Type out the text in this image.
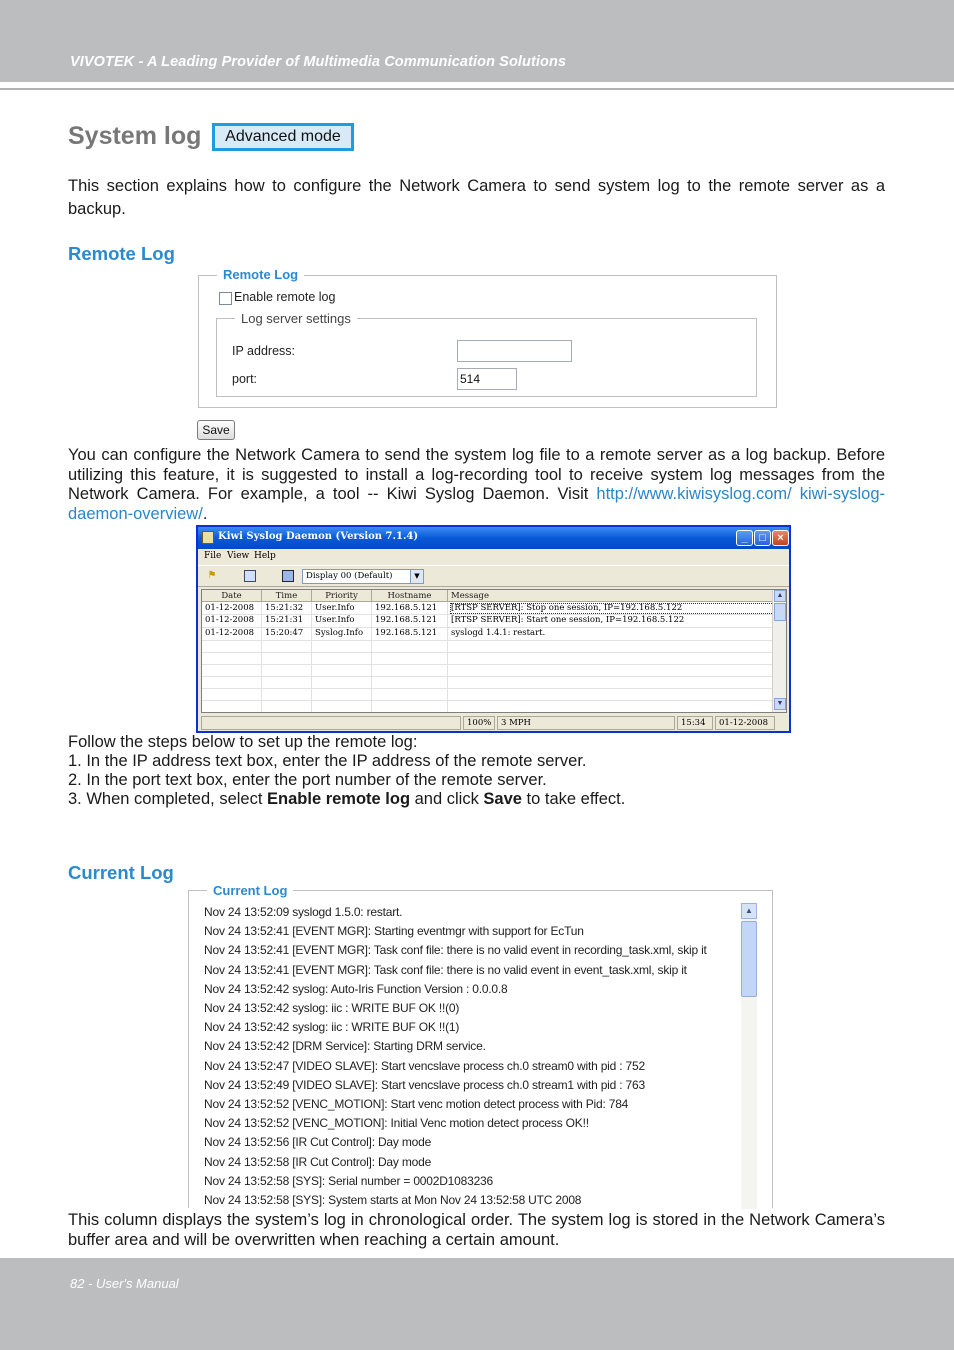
VIVOTEK - A Leading Provider of Multimedia Communication Solutions
System log	Advanced mode
This section explains how to configure the Network Camera to send system log to the remote server as a backup.
Remote Log
Remote Log
Enable remote log
Log server settings
IP address:
port:	514
Save
You can configure the Network Camera to send the system log file to a remote server as a log backup. Before utilizing this feature, it is suggested to install a log-recording tool to receive system log messages from the Network Camera. For example, a tool -- Kiwi Syslog Daemon. Visit http://www.kiwisyslog.com/ kiwi-syslog-daemon-overview/.
Kiwi Syslog Daemon (Version 7.1.4)	_	□	×
File View Help
⚑	Display 00 (Default)	▼
Date	Time	Priority	Hostname	Message
01-12-2008 15:21:32 User.Info 192.168.5.121 [RTSP SERVER]: Stop one session, IP=192.168.5.122
01-12-2008 15:21:31 User.Info 192.168.5.121 [RTSP SERVER]: Start one session, IP=192.168.5.122
01-12-2008 15:20:47 Syslog.Info 192.168.5.121 syslogd 1.4.1: restart.
▲
▼
100%	3 MPH	15:34	01-12-2008
Follow the steps below to set up the remote log:
1. In the IP address text box, enter the IP address of the remote server.
2. In the port text box, enter the port number of the remote server.
3. When completed, select Enable remote log and click Save to take effect.
Current Log
Current Log
Nov 24 13:52:09 syslogd 1.5.0: restart.
Nov 24 13:52:41 [EVENT MGR]: Starting eventmgr with support for EcTun
Nov 24 13:52:41 [EVENT MGR]: Task conf file: there is no valid event in recording_task.xml, skip it
Nov 24 13:52:41 [EVENT MGR]: Task conf file: there is no valid event in event_task.xml, skip it
Nov 24 13:52:42 syslog: Auto-Iris Function Version : 0.0.0.8
Nov 24 13:52:42 syslog: iic : WRITE BUF OK !!(0)
Nov 24 13:52:42 syslog: iic : WRITE BUF OK !!(1)
Nov 24 13:52:42 [DRM Service]: Starting DRM service.
Nov 24 13:52:47 [VIDEO SLAVE]: Start vencslave process ch.0 stream0 with pid : 752
Nov 24 13:52:49 [VIDEO SLAVE]: Start vencslave process ch.0 stream1 with pid : 763
Nov 24 13:52:52 [VENC_MOTION]: Start venc motion detect process with Pid: 784
Nov 24 13:52:52 [VENC_MOTION]: Initial Venc motion detect process OK!!
Nov 24 13:52:56 [IR Cut Control]: Day mode
Nov 24 13:52:58 [IR Cut Control]: Day mode
Nov 24 13:52:58 [SYS]: Serial number = 0002D1083236
Nov 24 13:52:58 [SYS]: System starts at Mon Nov 24 13:52:58 UTC 2008
▲
This column displays the system’s log in chronological order. The system log is stored in the Network Camera’s buffer area and will be overwritten when reaching a certain amount.
82 - User's Manual
